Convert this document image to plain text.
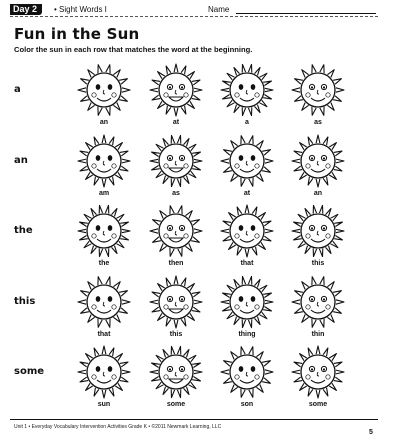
Day 2	• Sight Words I	Name
Fun in the Sun
Color the sun in each row that matches the word at the beginning.
a
an	at	a	as
an
am	as	at	an
the
the	then	that	this
this
that	this	thing	thin
some
sun	some	son	some
Unit 1 • Everyday Vocabulary Intervention Activities Grade K • ©2011 Newmark Learning, LLC
5
